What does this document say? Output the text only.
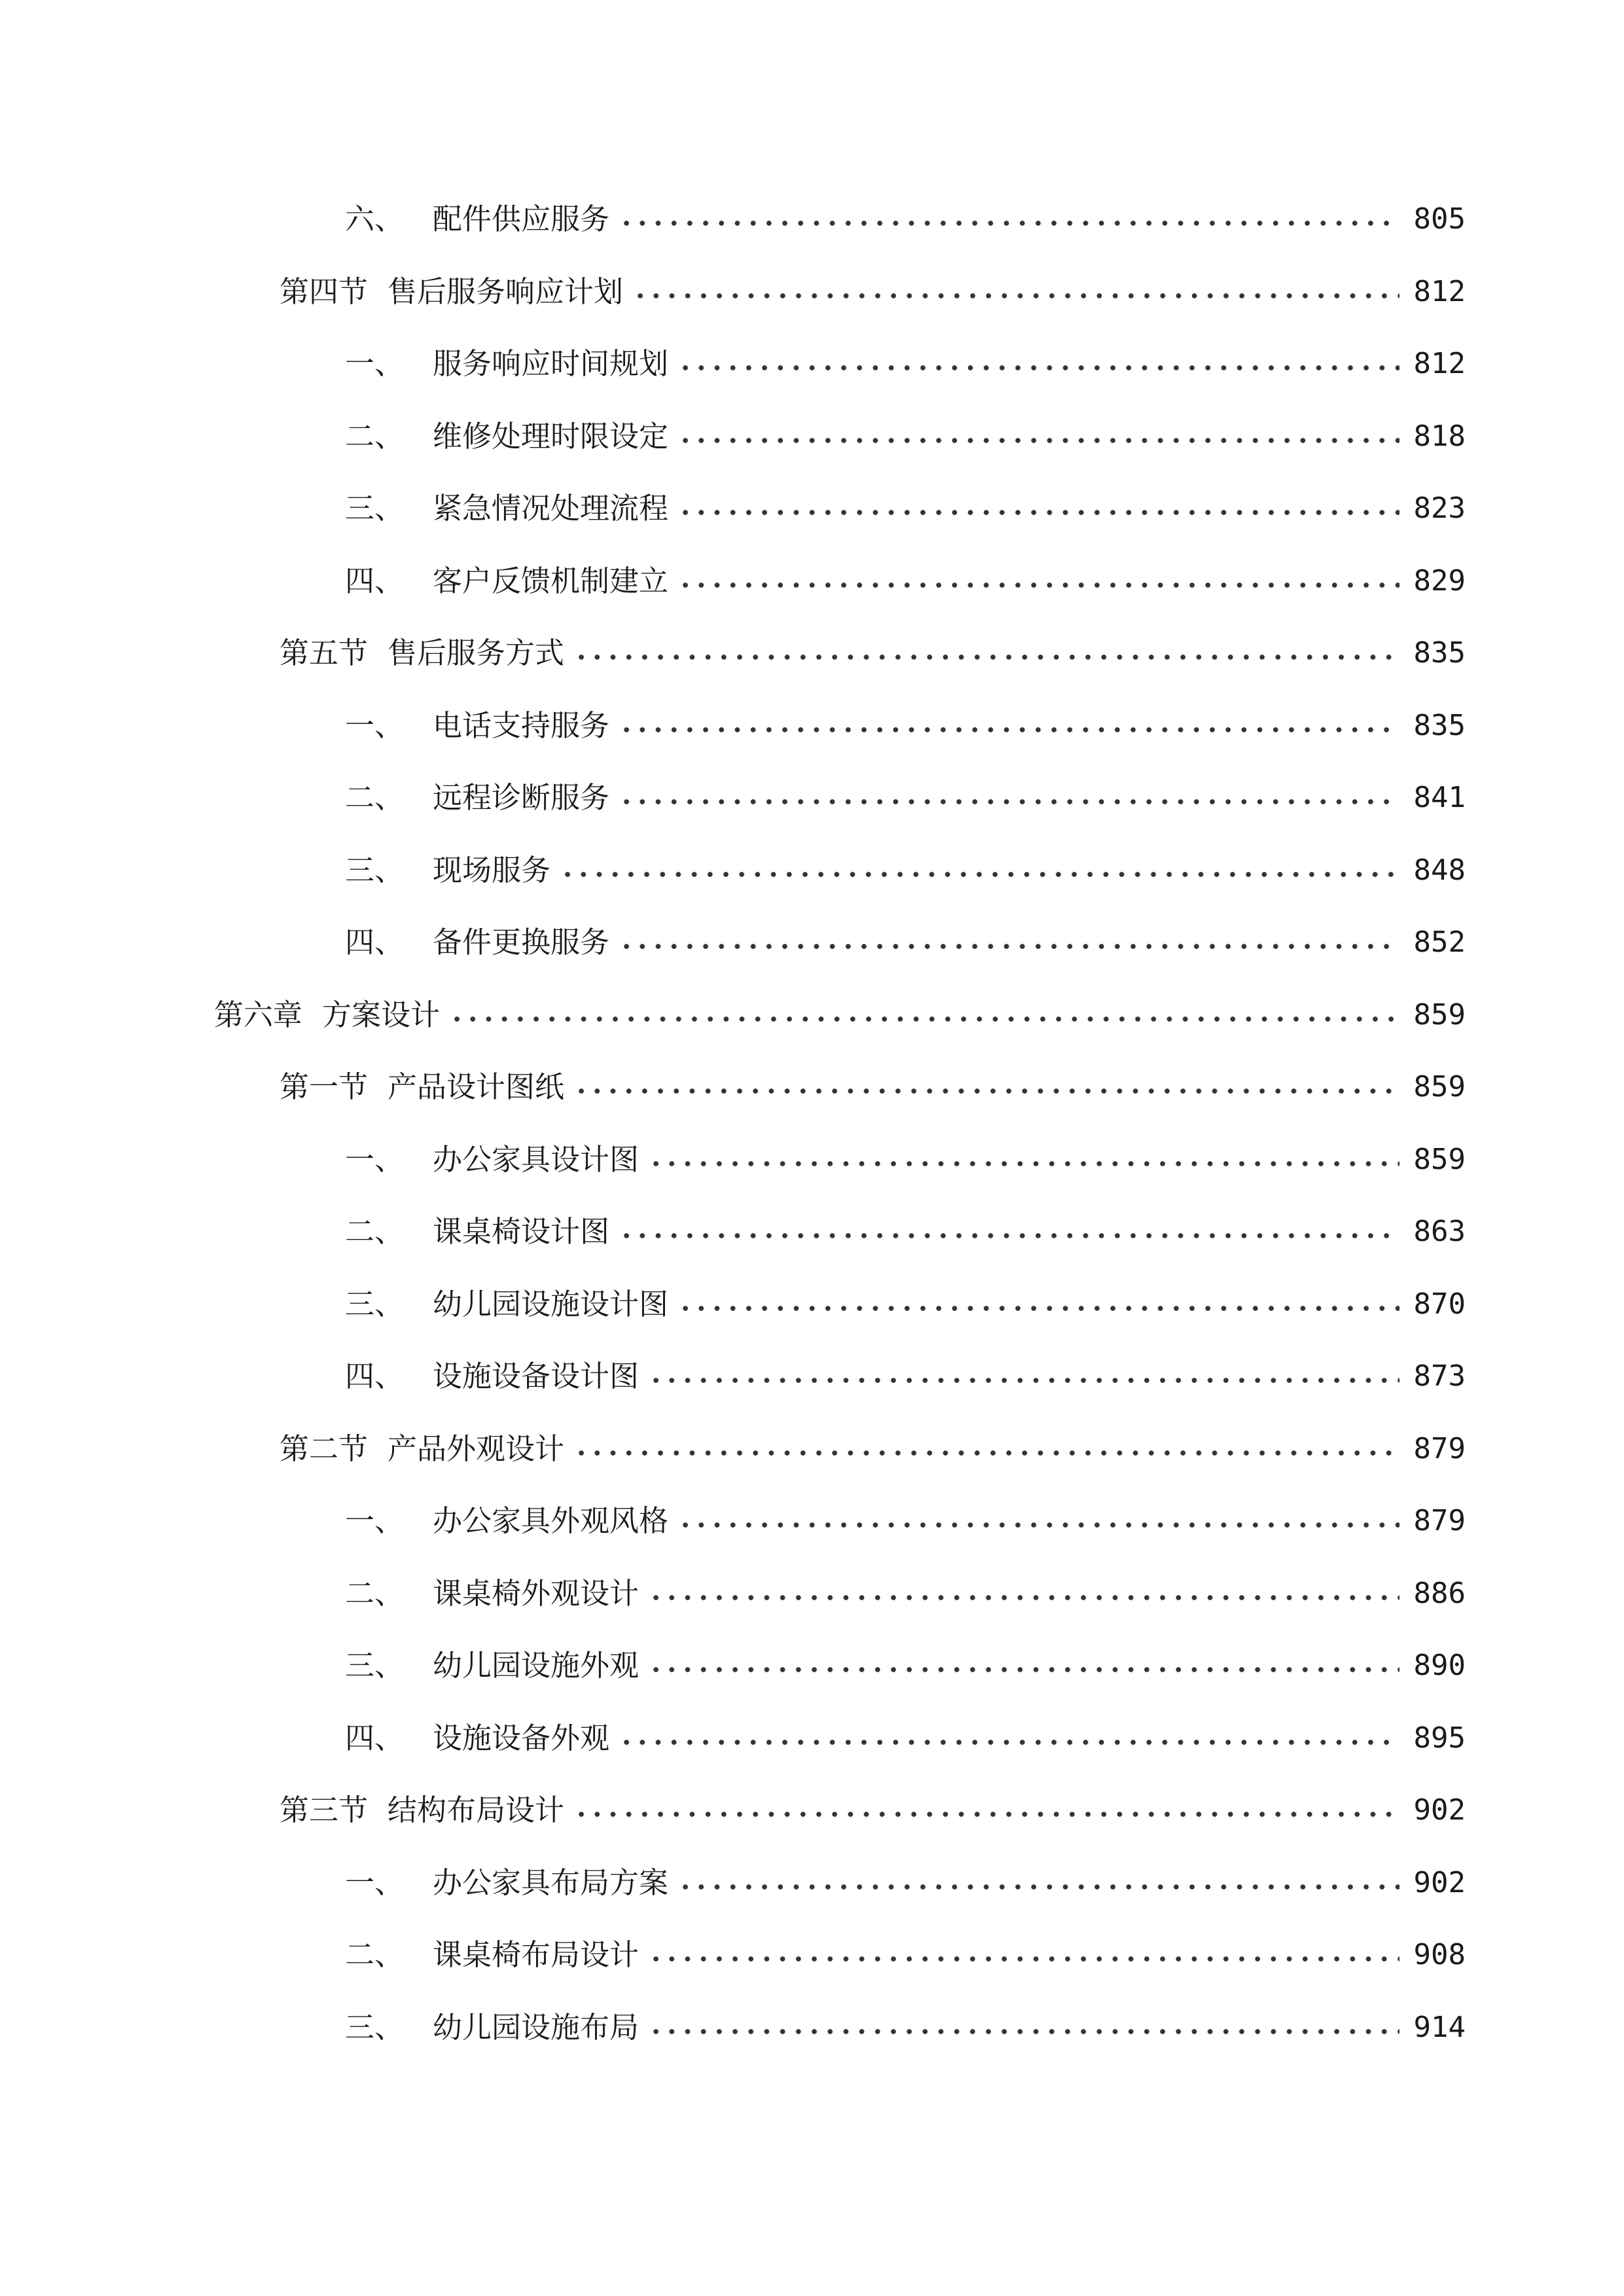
六、 配件供应服务	805
第四节 售后服务响应计划	812
一、 服务响应时间规划	812
二、 维修处理时限设定	818
三、 紧急情况处理流程	823
四、 客户反馈机制建立	829
第五节 售后服务方式	835
一、 电话支持服务	835
二、 远程诊断服务	841
三、 现场服务	848
四、 备件更换服务	852
第六章 方案设计	859
第一节 产品设计图纸	859
一、 办公家具设计图	859
二、 课桌椅设计图	863
三、 幼儿园设施设计图	870
四、 设施设备设计图	873
第二节 产品外观设计	879
一、 办公家具外观风格	879
二、 课桌椅外观设计	886
三、 幼儿园设施外观	890
四、 设施设备外观	895
第三节 结构布局设计	902
一、 办公家具布局方案	902
二、 课桌椅布局设计	908
三、 幼儿园设施布局	914
